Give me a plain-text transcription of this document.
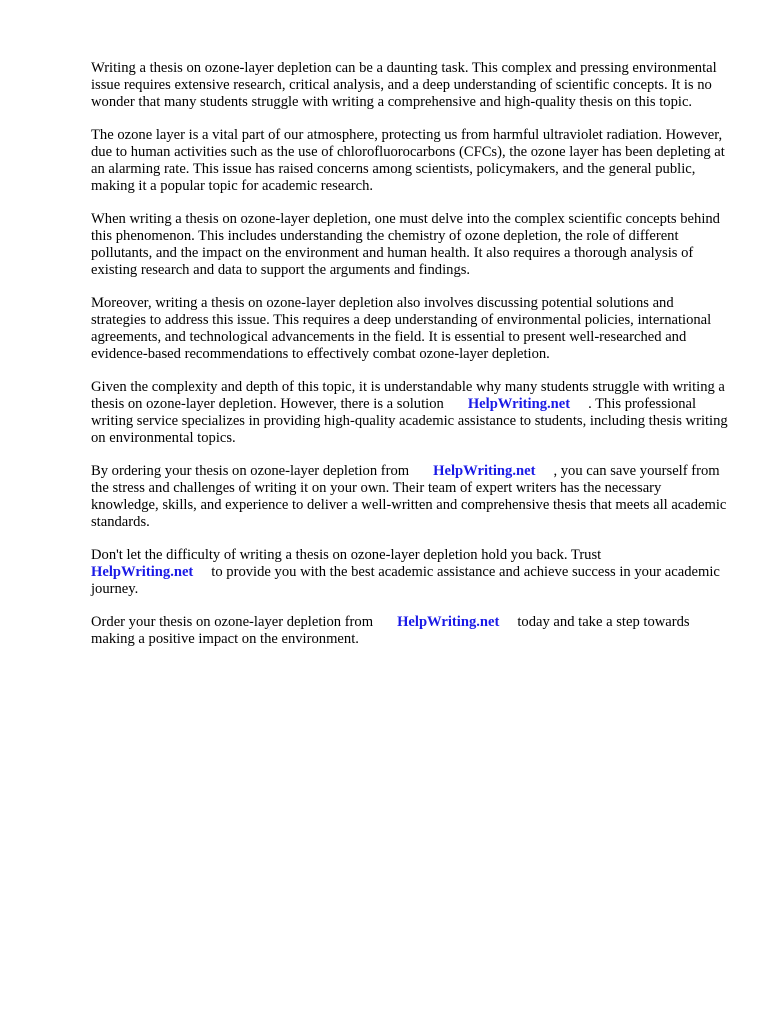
Writing a thesis on ozone-layer depletion can be a daunting task. This complex and pressing environmental issue requires extensive research, critical analysis, and a deep understanding of scientific concepts. It is no wonder that many students struggle with writing a comprehensive and high-quality thesis on this topic.

The ozone layer is a vital part of our atmosphere, protecting us from harmful ultraviolet radiation. However, due to human activities such as the use of chlorofluorocarbons (CFCs), the ozone layer has been depleting at an alarming rate. This issue has raised concerns among scientists, policymakers, and the general public, making it a popular topic for academic research.

When writing a thesis on ozone-layer depletion, one must delve into the complex scientific concepts behind this phenomenon. This includes understanding the chemistry of ozone depletion, the role of different pollutants, and the impact on the environment and human health. It also requires a thorough analysis of existing research and data to support the arguments and findings.

Moreover, writing a thesis on ozone-layer depletion also involves discussing potential solutions and strategies to address this issue. This requires a deep understanding of environmental policies, international agreements, and technological advancements in the field. It is essential to present well-researched and evidence-based recommendations to effectively combat ozone-layer depletion.

Given the complexity and depth of this topic, it is understandable why many students struggle with writing a thesis on ozone-layer depletion. However, there is a solution HelpWriting.net . This professional writing service specializes in providing high-quality academic assistance to students, including thesis writing on environmental topics.

By ordering your thesis on ozone-layer depletion from HelpWriting.net , you can save yourself from the stress and challenges of writing it on your own. Their team of expert writers has the necessary knowledge, skills, and experience to deliver a well-written and comprehensive thesis that meets all academic standards.

Don't let the difficulty of writing a thesis on ozone-layer depletion hold you back. Trust HelpWriting.net to provide you with the best academic assistance and achieve success in your academic journey.

Order your thesis on ozone-layer depletion from HelpWriting.net today and take a step towards making a positive impact on the environment.
